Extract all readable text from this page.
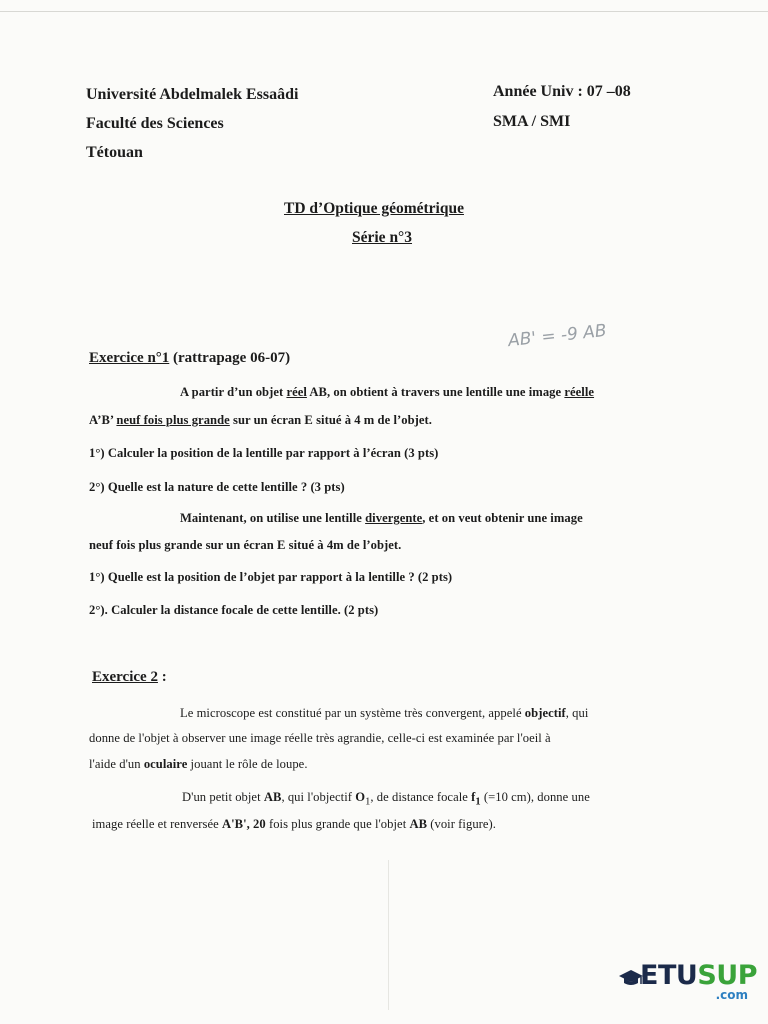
Université Abdelmalek Essaâdi
Faculté des Sciences
Tétouan
Année Univ : 07 –08
SMA / SMI
TD d’Optique géométrique
Série n°3
AB' = -9 AB
Exercice n°1 (rattrapage 06-07)
A partir d’un objet réel AB, on obtient à travers une lentille une image réelle
A’B’ neuf fois plus grande sur un écran E situé à 4 m de l’objet.
1°) Calculer la position de la lentille par rapport à l’écran (3 pts)
2°) Quelle est la nature de cette lentille ? (3 pts)
Maintenant, on utilise une lentille divergente, et on veut obtenir une image
neuf fois plus grande sur un écran E situé à 4m de l’objet.
1°) Quelle est la position de l’objet par rapport à la lentille ? (2 pts)
2°). Calculer la distance focale de cette lentille. (2 pts)
Exercice 2 :
Le microscope est constitué par un système très convergent, appelé objectif, qui
donne de l'objet à observer une image réelle très agrandie, celle-ci est examinée par l'oeil à
l'aide d'un oculaire jouant le rôle de loupe.
D'un petit objet AB, qui l'objectif $O_1$, de distance focale $f_1$ (=10 cm), donne une
image réelle et renversée A'B', 20 fois plus grande que l'objet AB (voir figure).
ETUSUP
.com
